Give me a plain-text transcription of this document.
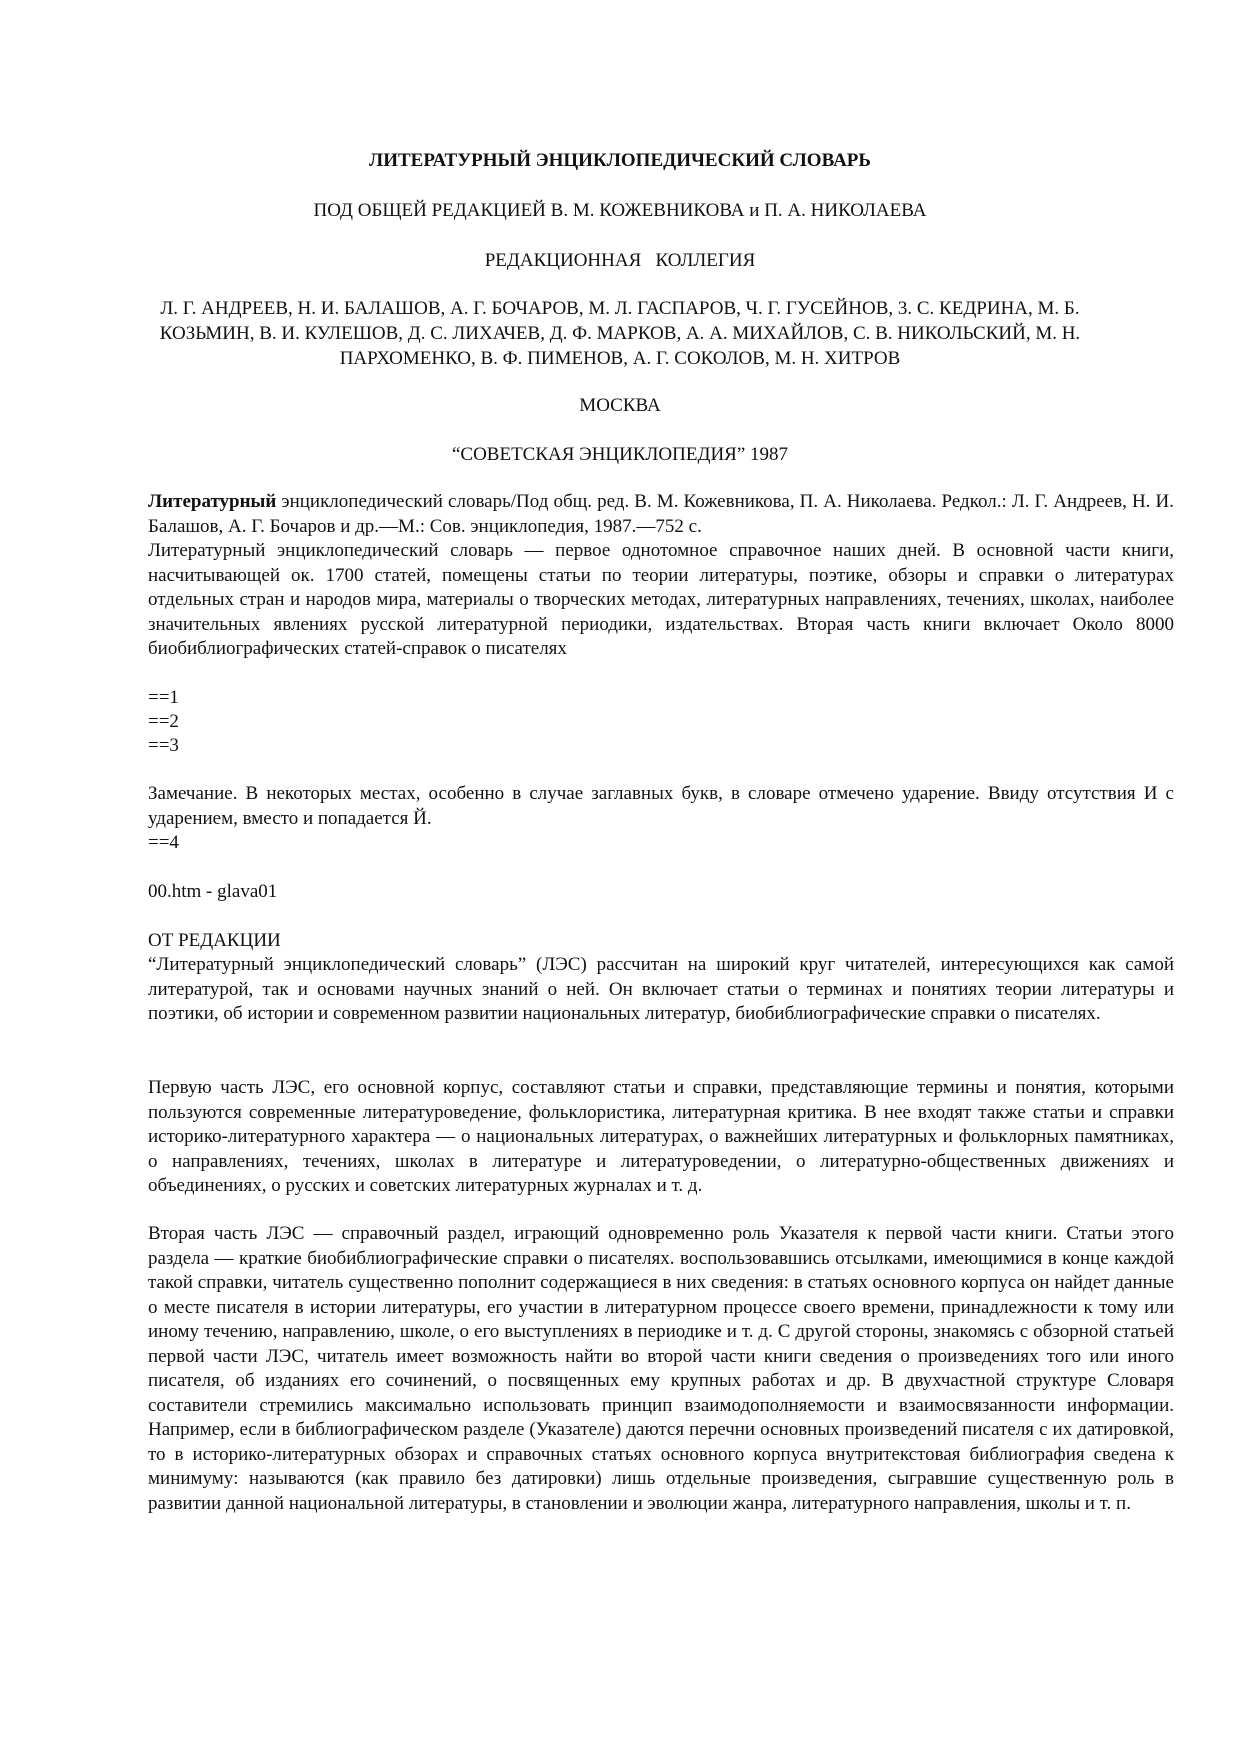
ЛИТЕРАТУРНЫЙ ЭНЦИКЛОПЕДИЧЕСКИЙ СЛОВАРЬ
ПОД ОБЩЕЙ РЕДАКЦИЕЙ В. М. КОЖЕВНИКОВА и П. А. НИКОЛАЕВА
РЕДАКЦИОННАЯ   КОЛЛЕГИЯ
Л. Г. АНДРЕЕВ, Н. И. БАЛАШОВ, А. Г. БОЧАРОВ, М. Л. ГАСПАРОВ, Ч. Г. ГУСЕЙНОВ, 3. С. КЕДРИНА, М. Б.
КОЗЬМИН, В. И. КУЛЕШОВ, Д. С. ЛИХАЧЕВ, Д. Ф. МАРКОВ, А. А. МИХАЙЛОВ, С. В. НИКОЛЬСКИЙ, М. Н.
ПАРХОМЕНКО, В. Ф. ПИМЕНОВ, А. Г. СОКОЛОВ, М. Н. ХИТРОВ
МОСКВА
“СОВЕТСКАЯ ЭНЦИКЛОПЕДИЯ” 1987

Литературный энциклопедический словарь/Под общ. ред. В. М. Кожевникова, П. А. Николаева. Редкол.: Л. Г. Андреев, Н. И. Балашов, А. Г. Бочаров и др.—М.: Сов. энциклопедия, 1987.—752 с.

Литературный энциклопедический словарь — первое однотомное справочное наших дней. В основной части книги, насчитывающей ок. 1700 статей, помещены статьи по теории литературы, поэтике, обзоры и справки о литературах отдельных стран и народов мира, материалы о творческих методах, литературных направлениях, течениях, школах, наиболее значительных явлениях русской литературной периодики, издательствах. Вторая часть книги включает Около 8000 биобиблиографических статей-справок о писателях

==1
==2
==3
Замечание. В некоторых местах, особенно в случае заглавных букв, в словаре отмечено ударение. Ввиду отсутствия И с ударением, вместо и попадается Й.
==4
00.htm - glava01
ОТ РЕДАКЦИИ
“Литературный энциклопедический словарь” (ЛЭС) рассчитан на широкий круг читателей, интересующихся как самой литературой, так и основами научных знаний о ней. Он включает статьи о терминах и понятиях теории литературы и поэтики, об истории и современном развитии национальных литератур, биобиблиографические справки о писателях.
Первую часть ЛЭС, его основной корпус, составляют статьи и справки, представляющие термины и понятия, которыми пользуются современные литературоведение, фольклористика, литературная критика. В нее входят также статьи и справки историко-литературного характера — о национальных литературах, о важнейших литературных и фольклорных памятниках, о направлениях, течениях, школах в литературе и литературоведении, о литературно-общественных движениях и объединениях, о русских и советских литературных журналах и т. д.
Вторая часть ЛЭС — справочный раздел, играющий одновременно роль Указателя к первой части книги. Статьи этого раздела — краткие биобиблиографические справки о писателях. воспользовавшись отсылками, имеющимися в конце каждой такой справки, читатель существенно пополнит содержащиеся в них сведения: в статьях основного корпуса он найдет данные о месте писателя в истории литературы, его участии в литературном процессе своего времени, принадлежности к тому или иному течению, направлению, школе, о его выступлениях в периодике и т. д. С другой стороны, знакомясь с обзорной статьей первой части ЛЭС, читатель имеет возможность найти во второй части книги сведения о произведениях того или иного писателя, об изданиях его сочинений, о посвященных ему крупных работах и др. В двухчастной структуре Словаря составители стремились максимально использовать принцип взаимодополняемости и взаимосвязанности информации. Например, если в библиографическом разделе (Указателе) даются перечни основных произведений писателя с их датировкой, то в историко-литературных обзорах и справочных статьях основного корпуса внутритекстовая библиография сведена к минимуму: называются (как правило без датировки) лишь отдельные произведения, сыгравшие существенную роль в развитии данной национальной литературы, в становлении и эволюции жанра, литературного направления, школы и т. п.
